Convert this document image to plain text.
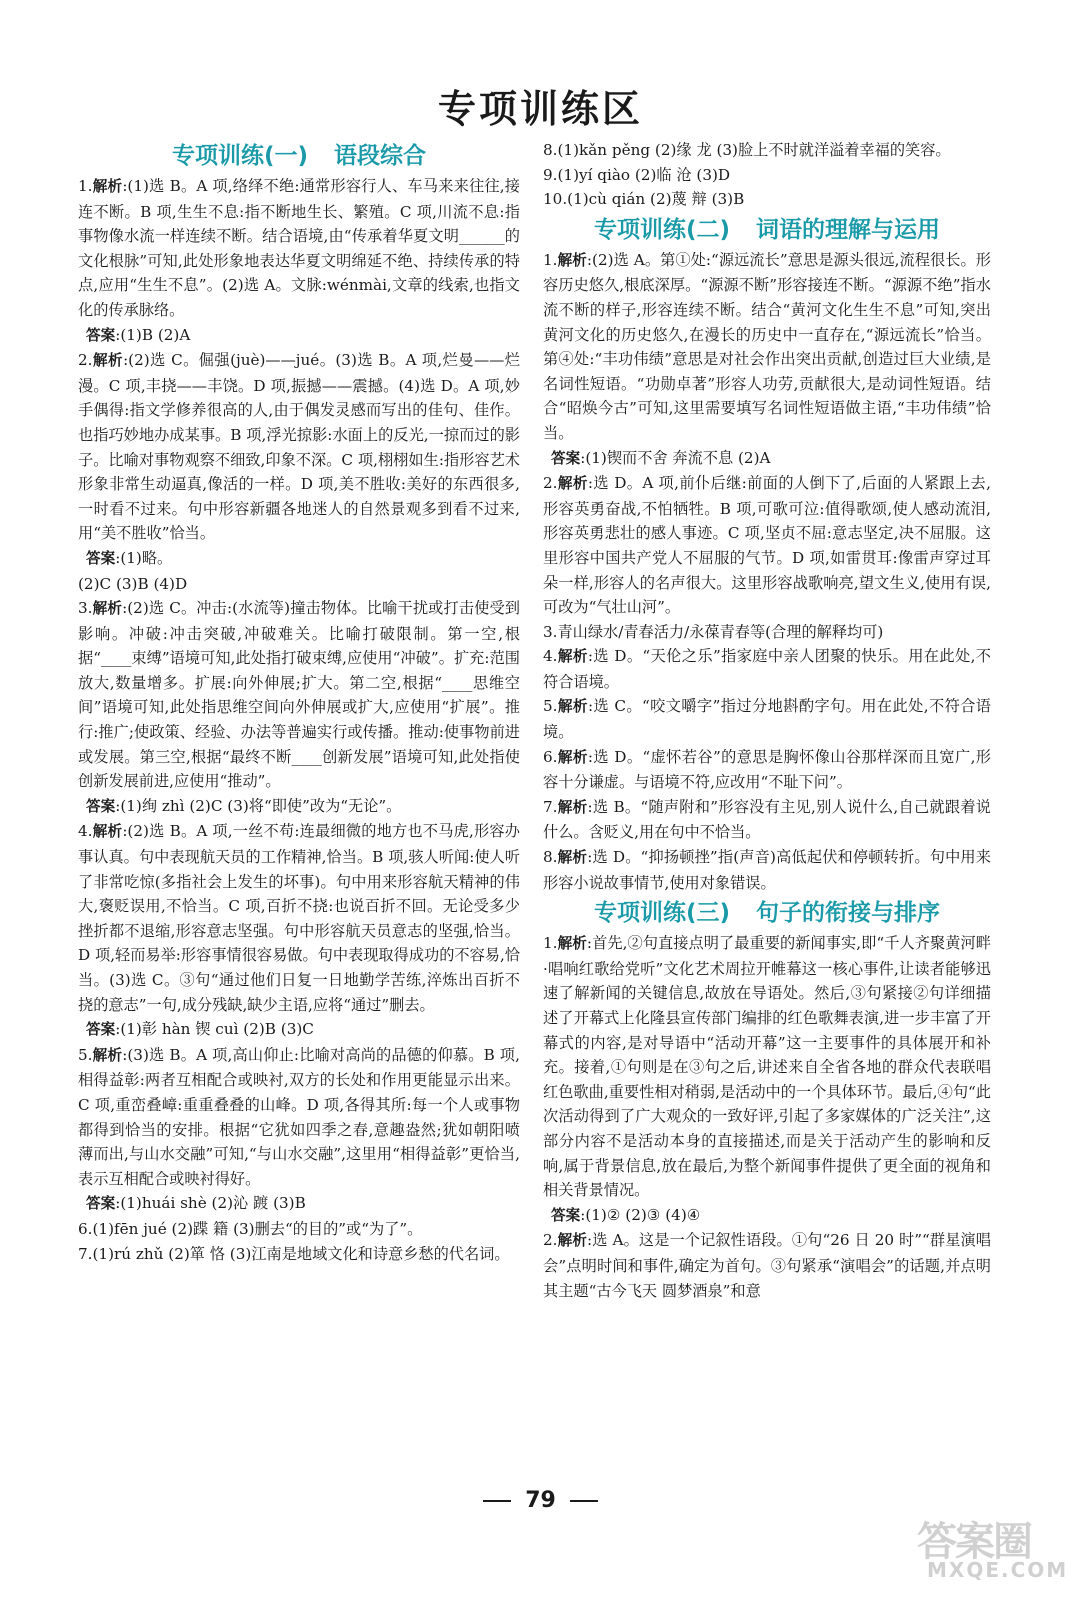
专项训练区
专项训练(一) 语段综合

1.解析:(1)选 B。A 项,络绎不绝:通常形容行人、车马来来往往,接连不断。B 项,生生不息:指不断地生长、繁殖。C 项,川流不息:指事物像水流一样连续不断。结合语境,由“传承着华夏文明______的文化根脉”可知,此处形象地表达华夏文明绵延不绝、持续传承的特点,应用“生生不息”。(2)选 A。文脉:wénmài,文章的线索,也指文化的传承脉络。

答案:(1)B (2)A

2.解析:(2)选 C。倔强(juè)——jué。(3)选 B。A 项,烂曼——烂漫。C 项,丰挠——丰饶。D 项,振撼——震撼。(4)选 D。A 项,妙手偶得:指文学修养很高的人,由于偶发灵感而写出的佳句、佳作。也指巧妙地办成某事。B 项,浮光掠影:水面上的反光,一掠而过的影子。比喻对事物观察不细致,印象不深。C 项,栩栩如生:指形容艺术形象非常生动逼真,像活的一样。D 项,美不胜收:美好的东西很多,一时看不过来。句中形容新疆各地迷人的自然景观多到看不过来,用“美不胜收”恰当。

答案:(1)略。

(2)C (3)B (4)D

3.解析:(2)选 C。冲击:(水流等)撞击物体。比喻干扰或打击使受到影响。冲破:冲击突破,冲破难关。比喻打破限制。第一空,根据“____束缚”语境可知,此处指打破束缚,应使用“冲破”。扩充:范围放大,数量增多。扩展:向外伸展;扩大。第二空,根据“____思维空间”语境可知,此处指思维空间向外伸展或扩大,应使用“扩展”。推行:推广;使政策、经验、办法等普遍实行或传播。推动:使事物前进或发展。第三空,根据“最终不断____创新发展”语境可知,此处指使创新发展前进,应使用“推动”。

答案:(1)绚 zhì (2)C (3)将“即使”改为“无论”。

4.解析:(2)选 B。A 项,一丝不苟:连最细微的地方也不马虎,形容办事认真。句中表现航天员的工作精神,恰当。B 项,骇人听闻:使人听了非常吃惊(多指社会上发生的坏事)。句中用来形容航天精神的伟大,褒贬误用,不恰当。C 项,百折不挠:也说百折不回。无论受多少挫折都不退缩,形容意志坚强。句中形容航天员意志的坚强,恰当。D 项,轻而易举:形容事情很容易做。句中表现取得成功的不容易,恰当。(3)选 C。③句“通过他们日复一日地勤学苦练,淬炼出百折不挠的意志”一句,成分残缺,缺少主语,应将“通过”删去。

答案:(1)彰 hàn 锲 cuì (2)B (3)C

5.解析:(3)选 B。A 项,高山仰止:比喻对高尚的品德的仰慕。B 项,相得益彰:两者互相配合或映衬,双方的长处和作用更能显示出来。C 项,重峦叠嶂:重重叠叠的山峰。D 项,各得其所:每一个人或事物都得到恰当的安排。根据“它犹如四季之春,意趣盎然;犹如朝阳喷薄而出,与山水交融”可知,“与山水交融”,这里用“相得益彰”更恰当,表示互相配合或映衬得好。

答案:(1)huái shè (2)沁 踱 (3)B

6.(1)fēn jué (2)蹀 籍 (3)删去“的目的”或“为了”。

7.(1)rú zhǔ (2)箪 恪 (3)江南是地域文化和诗意乡愁的代名词。

8.(1)kǎn pěng (2)缘 龙 (3)脸上不时就洋溢着幸福的笑容。

9.(1)yí qiào (2)临 沧 (3)D

10.(1)cù qián (2)蔑 辩 (3)B

专项训练(二) 词语的理解与运用

1.解析:(2)选 A。第①处:“源远流长”意思是源头很远,流程很长。形容历史悠久,根底深厚。“源源不断”形容接连不断。“源源不绝”指水流不断的样子,形容连续不断。结合“黄河文化生生不息”可知,突出黄河文化的历史悠久,在漫长的历史中一直存在,“源远流长”恰当。第④处:“丰功伟绩”意思是对社会作出突出贡献,创造过巨大业绩,是名词性短语。“功勋卓著”形容人功劳,贡献很大,是动词性短语。结合“昭焕今古”可知,这里需要填写名词性短语做主语,“丰功伟绩”恰当。

答案:(1)锲而不舍 奔流不息 (2)A

2.解析:选 D。A 项,前仆后继:前面的人倒下了,后面的人紧跟上去,形容英勇奋战,不怕牺牲。B 项,可歌可泣:值得歌颂,使人感动流泪,形容英勇悲壮的感人事迹。C 项,坚贞不屈:意志坚定,决不屈服。这里形容中国共产党人不屈服的气节。D 项,如雷贯耳:像雷声穿过耳朵一样,形容人的名声很大。这里形容战歌响亮,望文生义,使用有误,可改为“气壮山河”。

3.青山绿水/青春活力/永葆青春等(合理的解释均可)

4.解析:选 D。“天伦之乐”指家庭中亲人团聚的快乐。用在此处,不符合语境。

5.解析:选 C。“咬文嚼字”指过分地斟酌字句。用在此处,不符合语境。

6.解析:选 D。“虚怀若谷”的意思是胸怀像山谷那样深而且宽广,形容十分谦虚。与语境不符,应改用“不耻下问”。

7.解析:选 B。“随声附和”形容没有主见,别人说什么,自己就跟着说什么。含贬义,用在句中不恰当。

8.解析:选 D。“抑扬顿挫”指(声音)高低起伏和停顿转折。句中用来形容小说故事情节,使用对象错误。

专项训练(三) 句子的衔接与排序

1.解析:首先,②句直接点明了最重要的新闻事实,即“千人齐聚黄河畔·唱响红歌给党听”文化艺术周拉开帷幕这一核心事件,让读者能够迅速了解新闻的关键信息,故放在导语处。然后,③句紧接②句详细描述了开幕式上化隆县宣传部门编排的红色歌舞表演,进一步丰富了开幕式的内容,是对导语中“活动开幕”这一主要事件的具体展开和补充。接着,①句则是在③句之后,讲述来自全省各地的群众代表联唱红色歌曲,重要性相对稍弱,是活动中的一个具体环节。最后,④句“此次活动得到了广大观众的一致好评,引起了多家媒体的广泛关注”,这部分内容不是活动本身的直接描述,而是关于活动产生的影响和反响,属于背景信息,放在最后,为整个新闻事件提供了更全面的视角和相关背景情况。

答案:(1)② (2)③ (4)④

2.解析:选 A。这是一个记叙性语段。①句“26 日 20 时”“群星演唱会”点明时间和事件,确定为首句。③句紧承“演唱会”的话题,并点明其主题“古今飞天 圆梦酒泉”和意

79
答案圈
MXQE.COM
